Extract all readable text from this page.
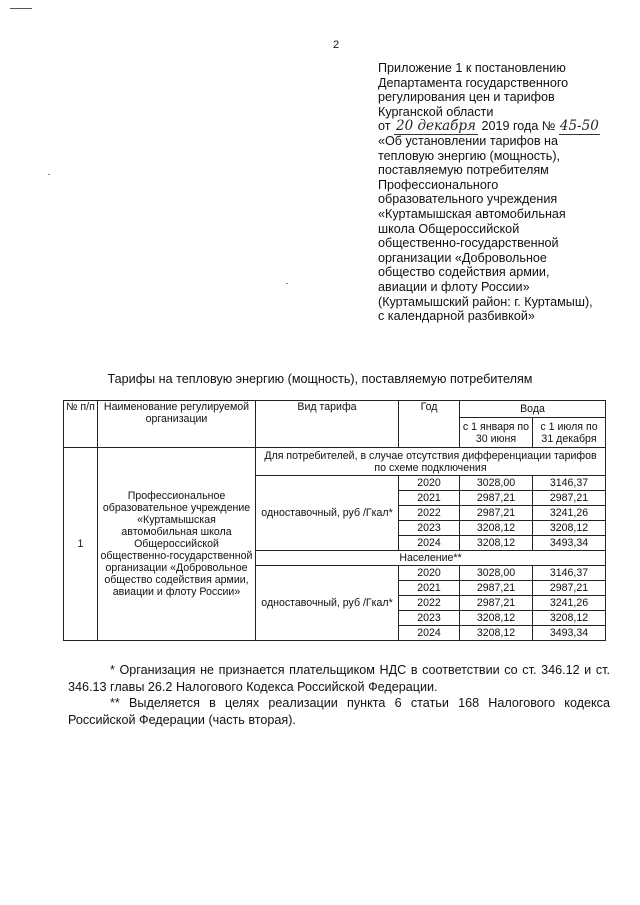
2
Приложение 1 к постановлению
Департамента государственного
регулирования цен и тарифов
Курганской области
от 20 декабря 2019 года № 45-50
«Об установлении тарифов на
тепловую энергию (мощность),
поставляемую потребителям
Профессионального
образовательного учреждения
«Куртамышская автомобильная
школа Общероссийской
общественно-государственной
организации «Добровольное
общество содействия армии,
авиации и флоту России»
(Куртамышский район: г. Куртамыш),
с календарной разбивкой»
Тарифы на тепловую энергию (мощность), поставляемую потребителям
№ п/п	Наименование регулируемой организации	Вид тарифа	Год	Вода	
				с 1 января по 30 июня	с 1 июля по 31 декабря
1	Профессиональное образовательное учреждение «Куртамышская автомобильная школа Общероссийской общественно-государственной организации «Добровольное общество содействия армии, авиации и флоту России»	Для потребителей, в случае отсутствия дифференциации тарифов по схеме подключения			
		одноставочный, руб /Гкал*	2020	3028,00	3146,37
			2021	2987,21	2987,21
			2022	2987,21	3241,26
			2023	3208,12	3208,12
			2024	3208,12	3493,34
		Население**			
		одноставочный, руб /Гкал*	2020	3028,00	3146,37
			2021	2987,21	2987,21
			2022	2987,21	3241,26
			2023	3208,12	3208,12
			2024	3208,12	3493,34

* Организация не признается плательщиком НДС в соответствии со ст. 346.12 и ст. 346.13 главы 26.2 Налогового Кодекса Российской Федерации.

** Выделяется в целях реализации пункта 6 статьи 168 Налогового кодекса Российской Федерации (часть вторая).
